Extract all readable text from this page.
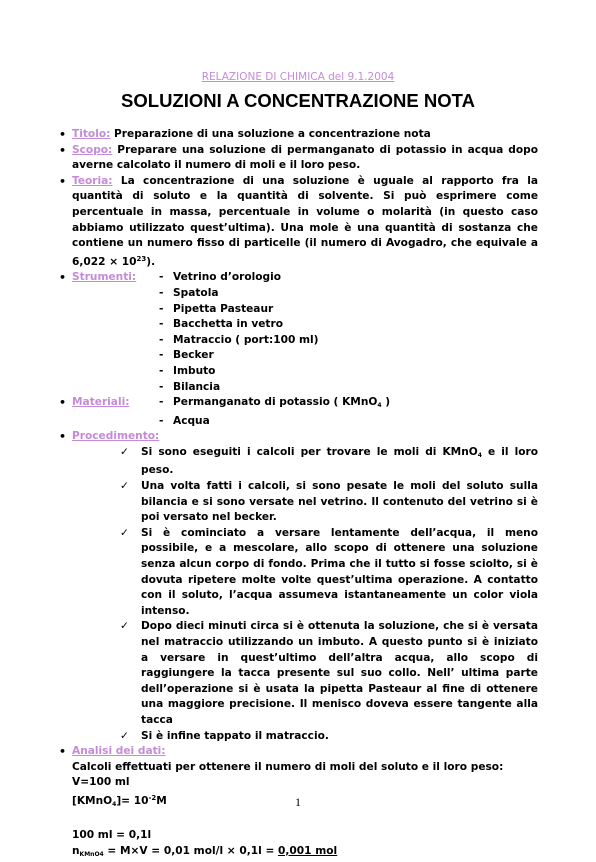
RELAZIONE DI CHIMICA del 9.1.2004
SOLUZIONI A CONCENTRAZIONE NOTA
• Titolo: Preparazione di una soluzione a concentrazione nota
• Scopo: Preparare una soluzione di permanganato di potassio in acqua dopo averne calcolato il numero di moli e il loro peso.
• Teoria: La concentrazione di una soluzione è uguale al rapporto fra la quantità di soluto e la quantità di solvente. Si può esprimere come percentuale in massa, percentuale in volume o molarità (in questo caso abbiamo utilizzato quest’ultima). Una mole è una quantità di sostanza che contiene un numero fisso di particelle (il numero di Avogadro, che equivale a $6,022 \times 10^{23}$).
• Strumenti:	- Vetrino d’orologio
- Spatola
- Pipetta Pasteaur
- Bacchetta in vetro
- Matraccio ( port:100 ml)
- Becker
- Imbuto
- Bilancia
• Materiali:	- Permanganato di potassio ( KMnO$_4$ )
- Acqua
• Procedimento:
✓ Si sono eseguiti i calcoli per trovare le moli di KMnO$_4$ e il loro peso.
✓ Una volta fatti i calcoli, si sono pesate le moli del soluto sulla bilancia e si sono versate nel vetrino. Il contenuto del vetrino si è poi versato nel becker.
✓ Si è cominciato a versare lentamente dell’acqua, il meno possibile, e a mescolare, allo scopo di ottenere una soluzione senza alcun corpo di fondo. Prima che il tutto si fosse sciolto, si è dovuta ripetere molte volte quest’ultima operazione. A contatto con il soluto, l’acqua assumeva istantaneamente un color viola intenso.
✓ Dopo dieci minuti circa si è ottenuta la soluzione, che si è versata nel matraccio utilizzando un imbuto. A questo punto si è iniziato a versare in quest’ultimo dell’altra acqua, allo scopo di raggiungere la tacca presente sul suo collo. Nell’ ultima parte dell’operazione si è usata la pipetta Pasteaur al fine di ottenere una maggiore precisione. Il menisco doveva essere tangente alla tacca
✓ Si è infine tappato il matraccio.
• Analisi dei dati:
Calcoli effettuati per ottenere il numero di moli del soluto e il loro peso:
V=100 ml
[KMnO$_4$]= $10^{-2}M$
100 ml = 0,1l
$n_{KMnO4} = M\times V = 0,01$ mol/l × 0,1l = 0,001 mol
1
